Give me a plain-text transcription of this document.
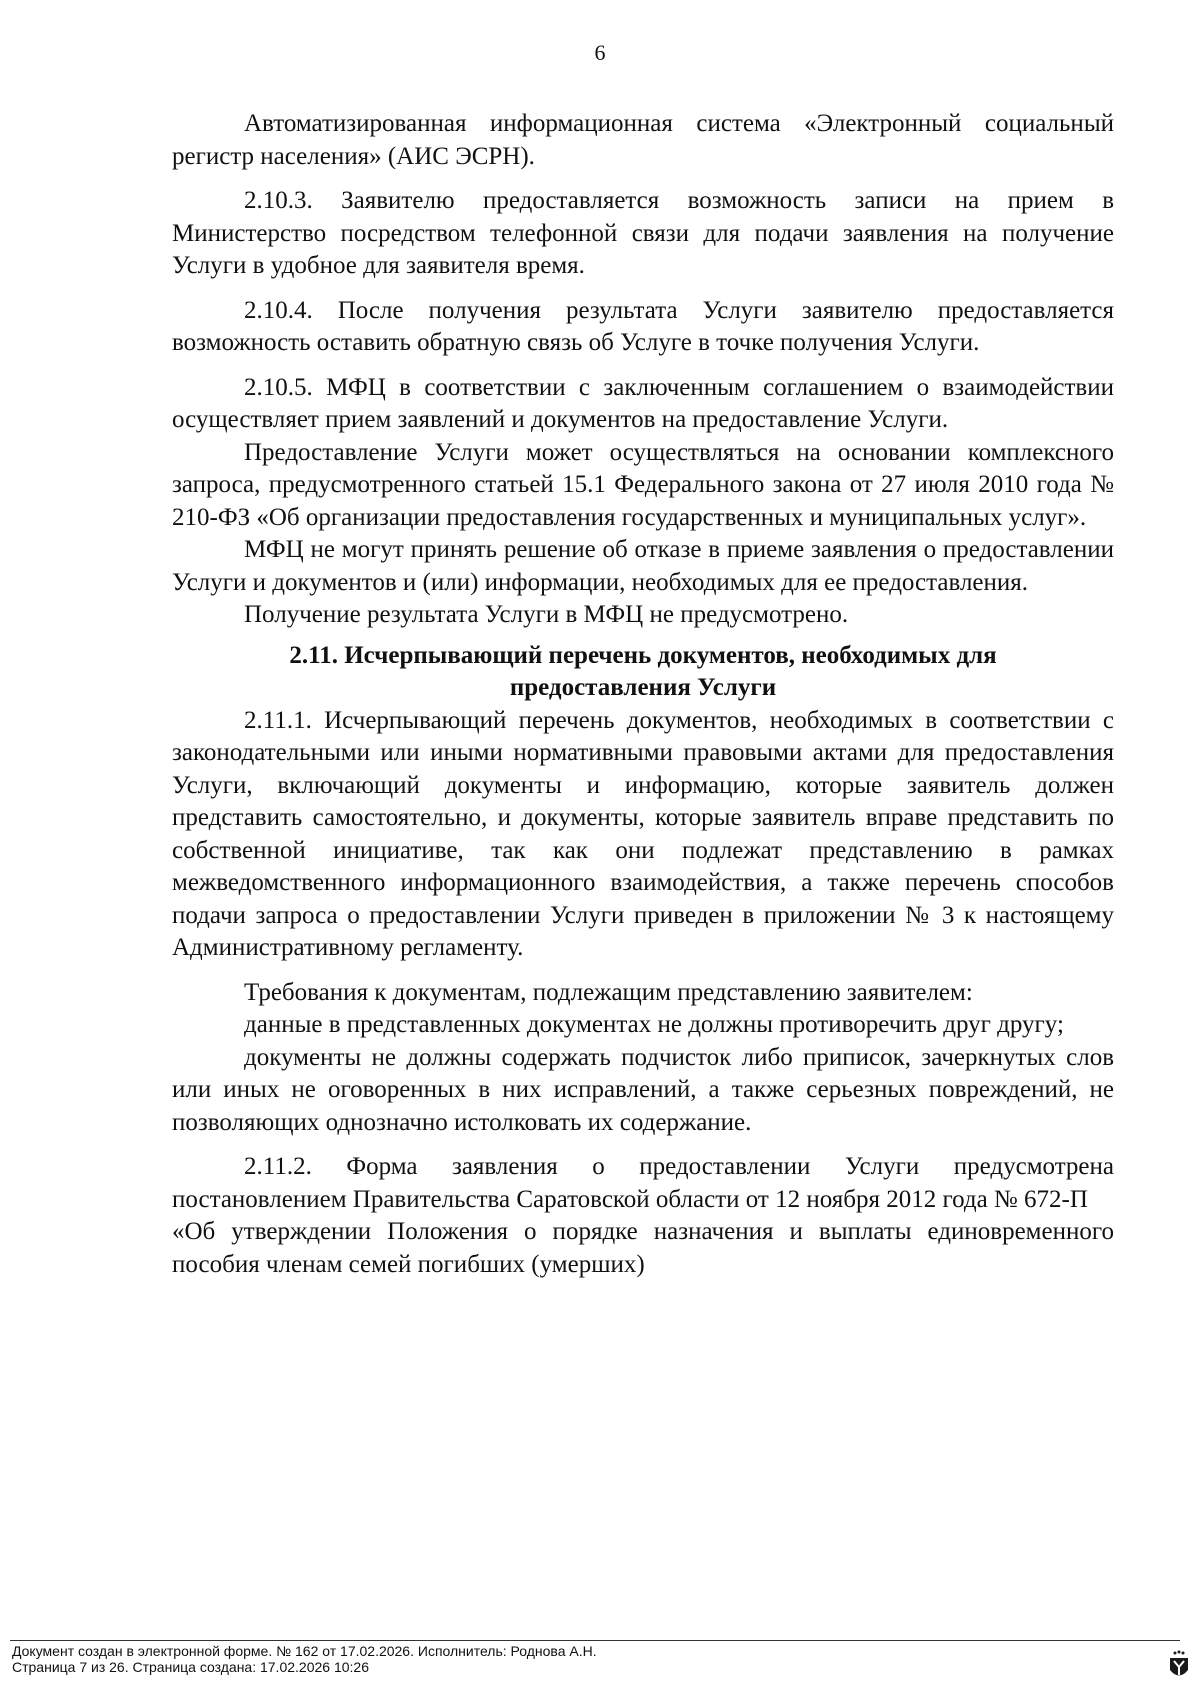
6

Автоматизированная информационная система «Электронный социальный регистр населения» (АИС ЭСРН).

2.10.3. Заявителю предоставляется возможность записи на прием в Министерство посредством телефонной связи для подачи заявления на получение Услуги в удобное для заявителя время.

2.10.4. После получения результата Услуги заявителю предоставляется возможность оставить обратную связь об Услуге в точке получения Услуги.

2.10.5. МФЦ в соответствии с заключенным соглашением о взаимодействии осуществляет прием заявлений и документов на предоставление Услуги.

Предоставление Услуги может осуществляться на основании комплексного запроса, предусмотренного статьей 15.1 Федерального закона от 27 июля 2010 года № 210-ФЗ «Об организации предоставления государственных и муниципальных услуг».

МФЦ не могут принять решение об отказе в приеме заявления о предоставлении Услуги и документов и (или) информации, необходимых для ее предоставления.

Получение результата Услуги в МФЦ не предусмотрено.

2.11. Исчерпывающий перечень документов, необходимых для
предоставления Услуги

2.11.1. Исчерпывающий перечень документов, необходимых в соответствии с законодательными или иными нормативными правовыми актами для предоставления Услуги, включающий документы и информацию, которые заявитель должен представить самостоятельно, и документы, которые заявитель вправе представить по собственной инициативе, так как они подлежат представлению в рамках межведомственного информационного взаимодействия, а также перечень способов подачи запроса о предоставлении Услуги приведен в приложении № 3 к настоящему Административному регламенту.

Требования к документам, подлежащим представлению заявителем:

данные в представленных документах не должны противоречить друг другу;

документы не должны содержать подчисток либо приписок, зачеркнутых слов или иных не оговоренных в них исправлений, а также серьезных повреждений, не позволяющих однозначно истолковать их содержание.

2.11.2. Форма заявления о предоставлении Услуги предусмотрена постановлением Правительства Саратовской области от 12 ноября 2012 года № 672-П

«Об утверждении Положения о порядке назначения и выплаты единовременного пособия членам семей погибших (умерших)

Документ создан в электронной форме. № 162 от 17.02.2026. Исполнитель: Роднова А.Н.
Страница 7 из 26. Страница создана: 17.02.2026 10:26
